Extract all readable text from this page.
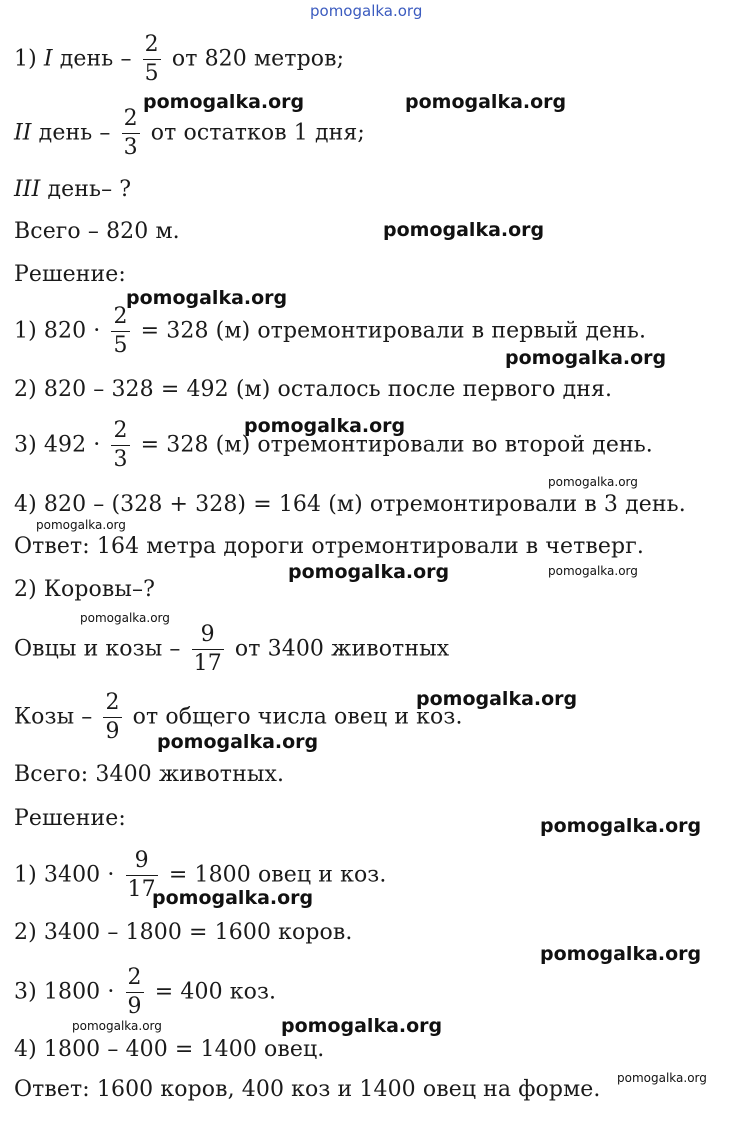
pomogalka.org
pomogalka.org	pomogalka.org
pomogalka.org
pomogalka.org
pomogalka.org
pomogalka.org
pomogalka.org
pomogalka.org
pomogalka.org	pomogalka.org
pomogalka.org
pomogalka.org
pomogalka.org
pomogalka.org
pomogalka.org
pomogalka.org
pomogalka.org	pomogalka.org
pomogalka.org
1) I день – $\frac{2}{5}$ от 820 метров;
II день – $\frac{2}{3}$ от остатков 1 дня;
III день– ?
Всего – 820 м.
Решение:
1) $820 \cdot \frac{2}{5} = 328$ (м) отремонтировали в первый день.
2) 820 – 328 = 492 (м) осталось после первого дня.
3) $492 \cdot \frac{2}{3} = 328$ (м) отремонтировали во второй день.
4) 820 – (328 + 328) = 164 (м) отремонтировали в 3 день.
Ответ: 164 метра дороги отремонтировали в четверг.
2) Коровы–?
Овцы и козы – $\frac{9}{17}$ от 3400 животных
Козы – $\frac{2}{9}$ от общего числа овец и коз.
Всего: 3400 животных.
Решение:
1) $3400 \cdot \frac{9}{17} = 1800$ овец и коз.
2) 3400 – 1800 = 1600 коров.
3) $1800 \cdot \frac{2}{9} = 400$ коз.
4) 1800 – 400 = 1400 овец.
Ответ: 1600 коров, 400 коз и 1400 овец на форме.
